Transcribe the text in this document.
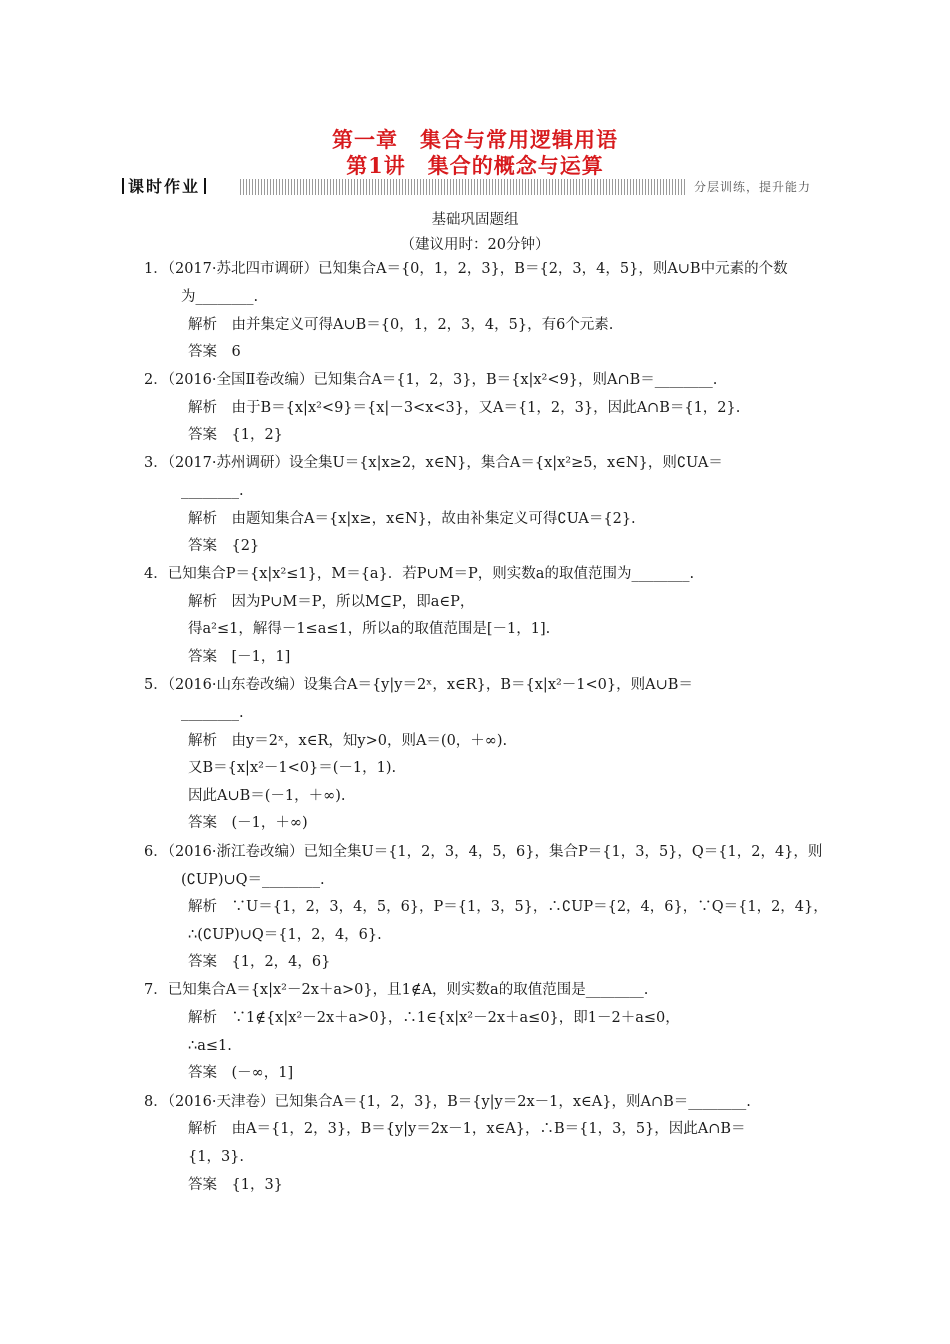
第一章　集合与常用逻辑用语
第1讲　集合的概念与运算
课时作业	分层训练，提升能力
基础巩固题组
（建议用时：20分钟）
1．（2017·苏北四市调研）已知集合A＝{0，1，2，3}，B＝{2，3，4，5}，则A∪B中元素的个数
为________.
解析　由并集定义可得A∪B＝{0，1，2，3，4，5}，有6个元素.
答案　6
2．（2016·全国Ⅱ卷改编）已知集合A＝{1，2，3}，B＝{x|x²<9}，则A∩B＝________.
解析　由于B＝{x|x²<9}＝{x|－3<x<3}，又A＝{1，2，3}，因此A∩B＝{1，2}.
答案　{1，2}
3．（2017·苏州调研）设全集U＝{x|x≥2，x∈N}，集合A＝{x|x²≥5，x∈N}，则∁UA＝
________.
解析　由题知集合A＝{x|x≥，x∈N}，故由补集定义可得∁UA＝{2}.
答案　{2}
4．已知集合P＝{x|x²≤1}，M＝{a}．若P∪M＝P，则实数a的取值范围为________.
解析　因为P∪M＝P，所以M⊆P，即a∈P，
得a²≤1，解得－1≤a≤1，所以a的取值范围是[－1，1].
答案　[－1，1]
5．（2016·山东卷改编）设集合A＝{y|y＝2ˣ，x∈R}，B＝{x|x²－1<0}，则A∪B＝
________.
解析　由y＝2ˣ，x∈R，知y>0，则A＝(0，＋∞).
又B＝{x|x²－1<0}＝(－1，1).
因此A∪B＝(－1，＋∞).
答案　(－1，＋∞)
6．（2016·浙江卷改编）已知全集U＝{1，2，3，4，5，6}，集合P＝{1，3，5}，Q＝{1，2，4}，则
(∁UP)∪Q＝________.
解析　∵U＝{1，2，3，4，5，6}，P＝{1，3，5}，∴∁UP＝{2，4，6}，∵Q＝{1，2，4}，
∴(∁UP)∪Q＝{1，2，4，6}.
答案　{1，2，4，6}
7．已知集合A＝{x|x²－2x＋a>0}，且1∉A，则实数a的取值范围是________.
解析　∵1∉{x|x²－2x＋a>0}，∴1∈{x|x²－2x＋a≤0}，即1－2＋a≤0，
∴a≤1.
答案　(－∞，1]
8．（2016·天津卷）已知集合A＝{1，2，3}，B＝{y|y＝2x－1，x∈A}，则A∩B＝________.
解析　由A＝{1，2，3}，B＝{y|y＝2x－1，x∈A}，∴B＝{1，3，5}，因此A∩B＝
{1，3}.
答案　{1，3}
